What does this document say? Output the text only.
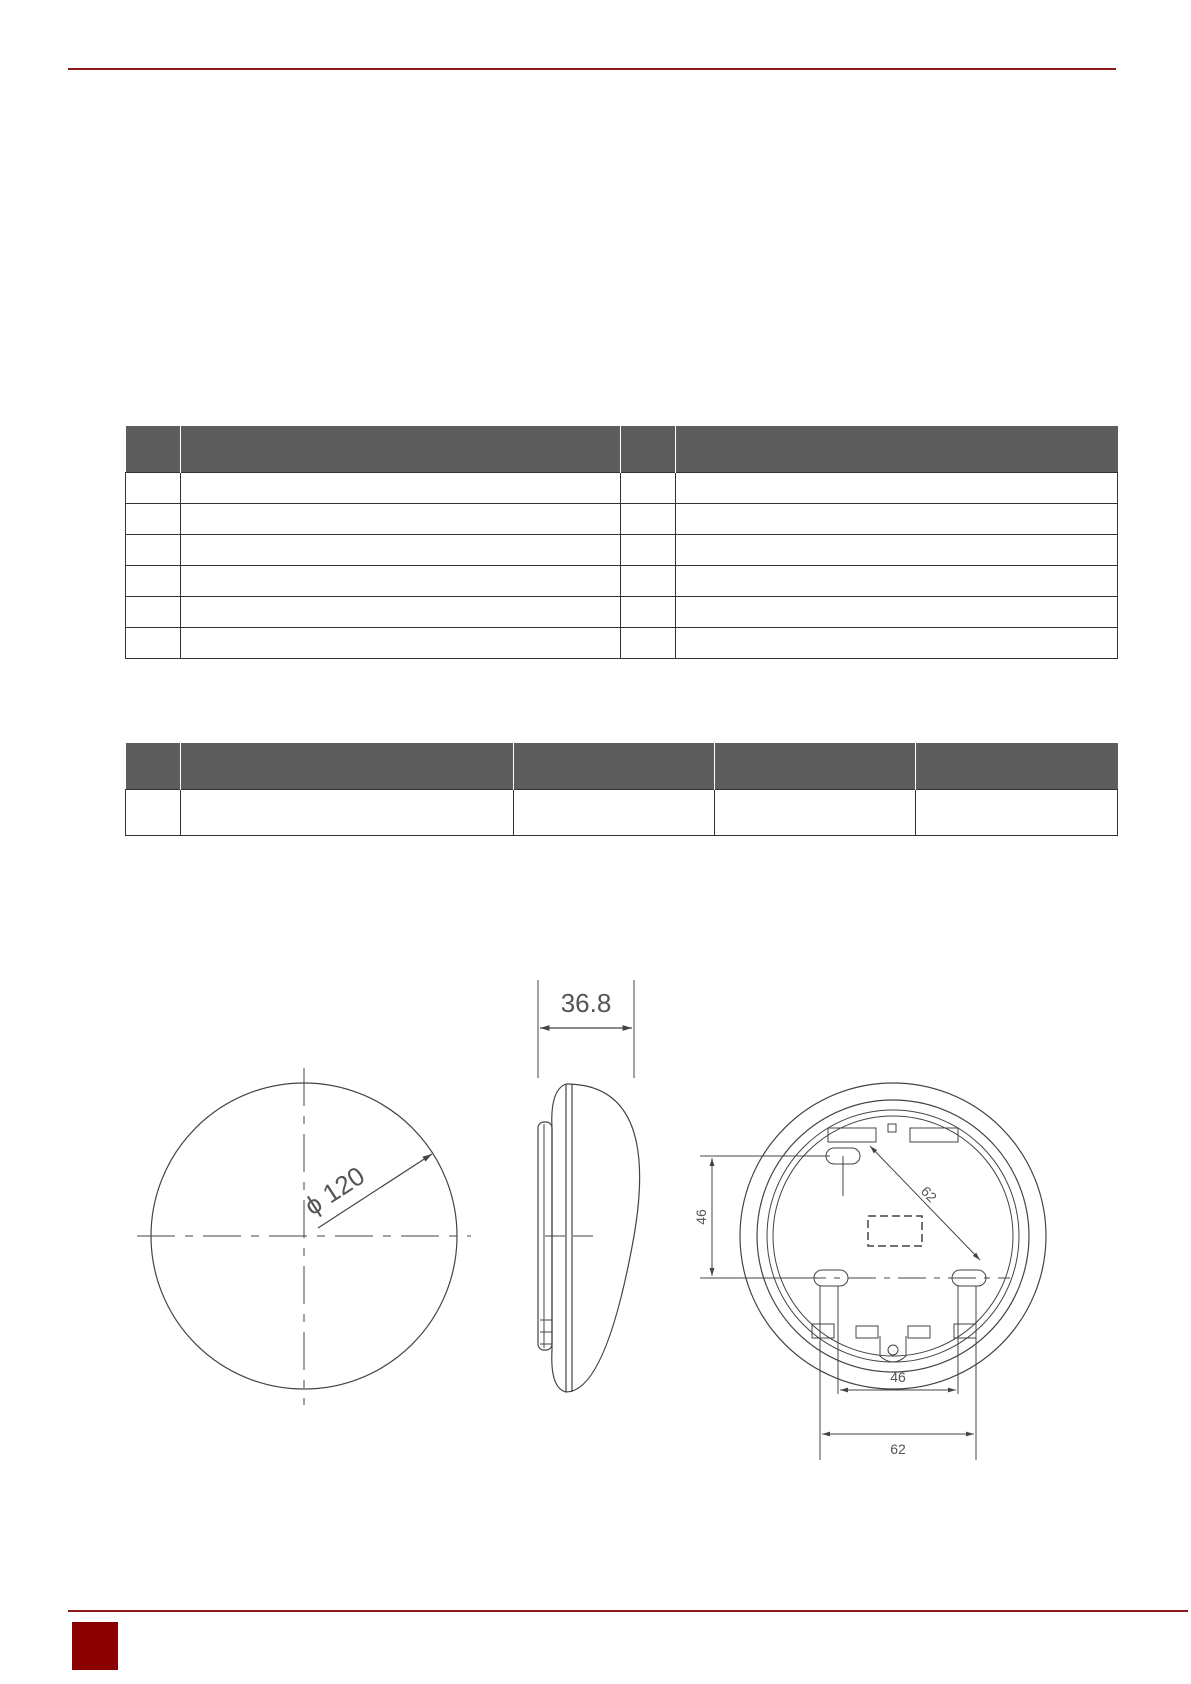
ϕ 120
36.8
46
62
46
62
